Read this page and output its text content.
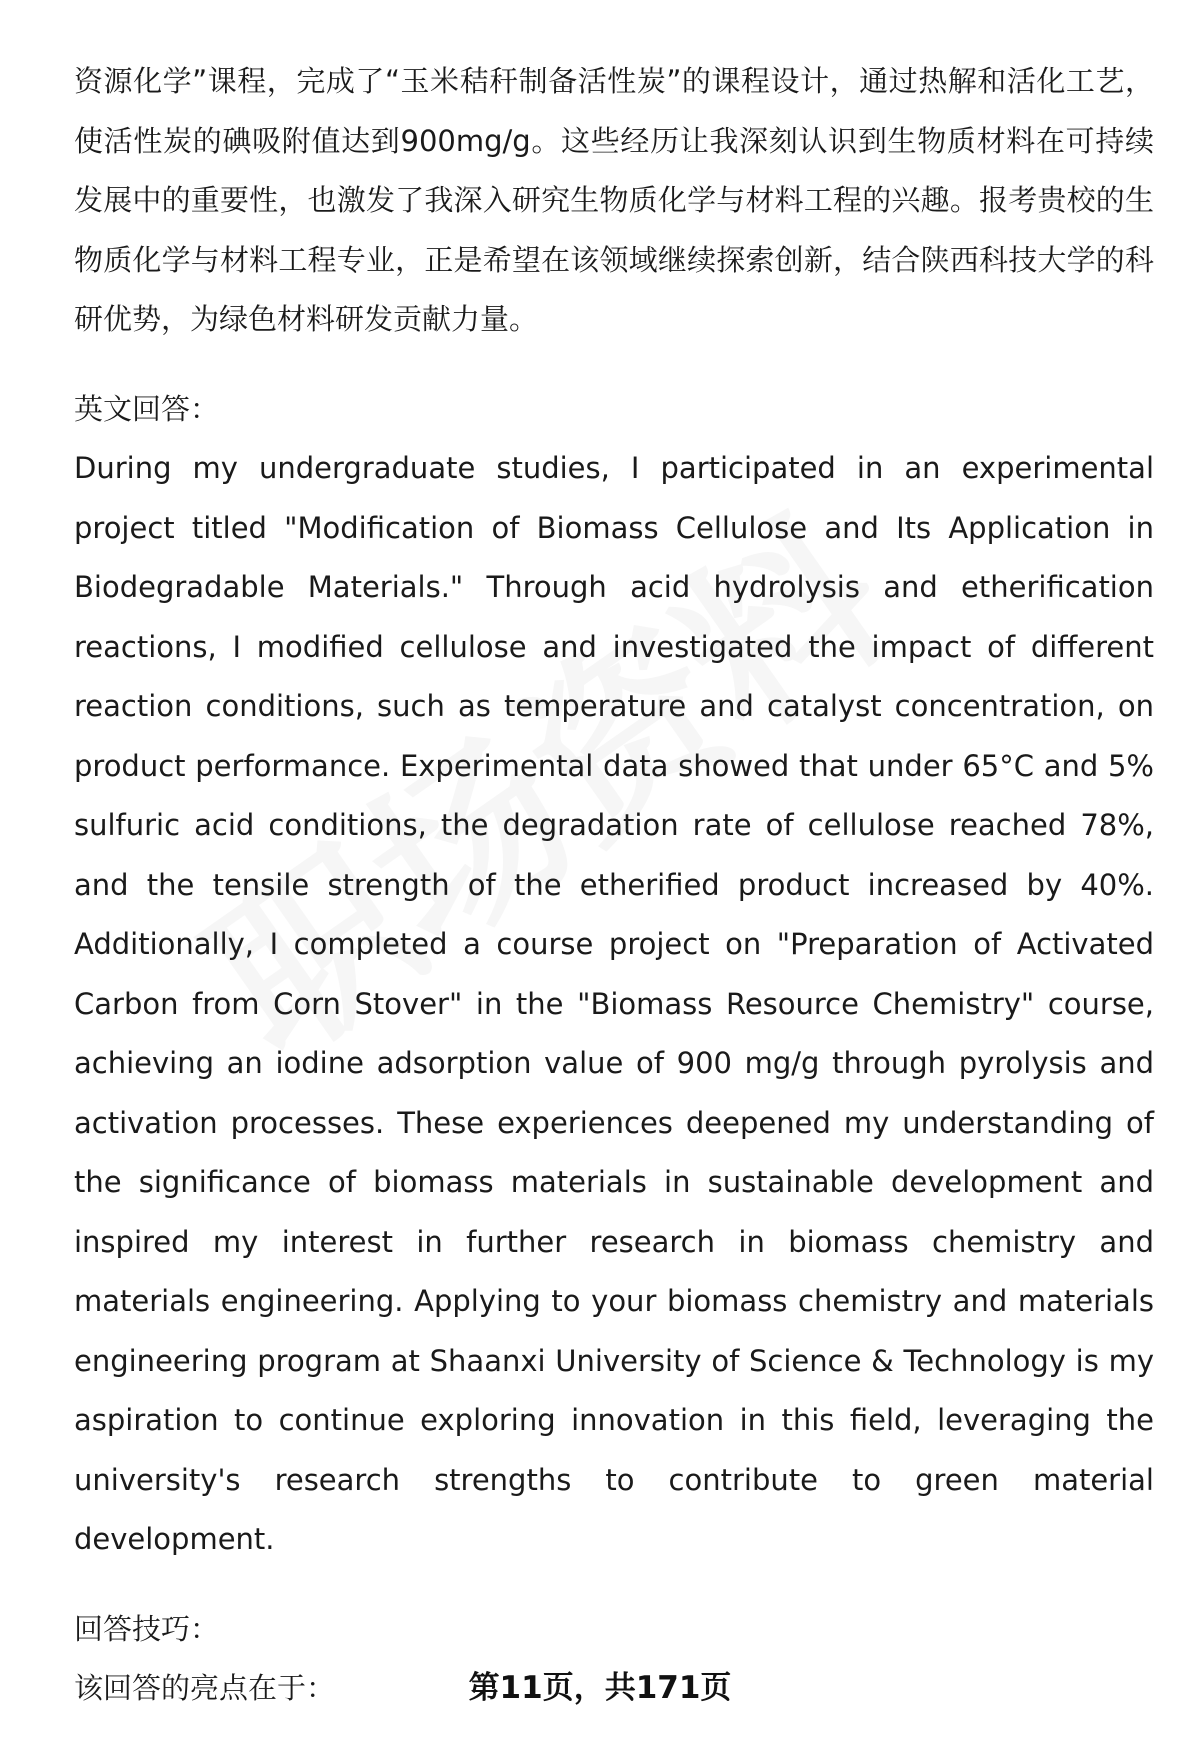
资源化学”课程，完成了“玉米秸秆制备活性炭”的课程设计，通过热解和活化工艺，使活性炭的碘吸附值达到900mg/g。这些经历让我深刻认识到生物质材料在可持续发展中的重要性，也激发了我深入研究生物质化学与材料工程的兴趣。报考贵校的生物质化学与材料工程专业，正是希望在该领域继续探索创新，结合陕西科技大学的科研优势，为绿色材料研发贡献力量。

英文回答：

During my undergraduate studies, I participated in an experimental project titled "Modification of Biomass Cellulose and Its Application in Biodegradable Materials." Through acid hydrolysis and etherification reactions, I modified cellulose and investigated the impact of different reaction conditions, such as temperature and catalyst concentration, on product performance. Experimental data showed that under 65°C and 5% sulfuric acid conditions, the degradation rate of cellulose reached 78%, and the tensile strength of the etherified product increased by 40%. Additionally, I completed a course project on "Preparation of Activated Carbon from Corn Stover" in the "Biomass Resource Chemistry" course, achieving an iodine adsorption value of 900 mg/g through pyrolysis and activation processes. These experiences deepened my understanding of the significance of biomass materials in sustainable development and inspired my interest in further research in biomass chemistry and materials engineering. Applying to your biomass chemistry and materials engineering program at Shaanxi University of Science & Technology is my aspiration to continue exploring innovation in this field, leveraging the university's research strengths to contribute to green material development.

回答技巧：

该回答的亮点在于：	第11页，共171页
